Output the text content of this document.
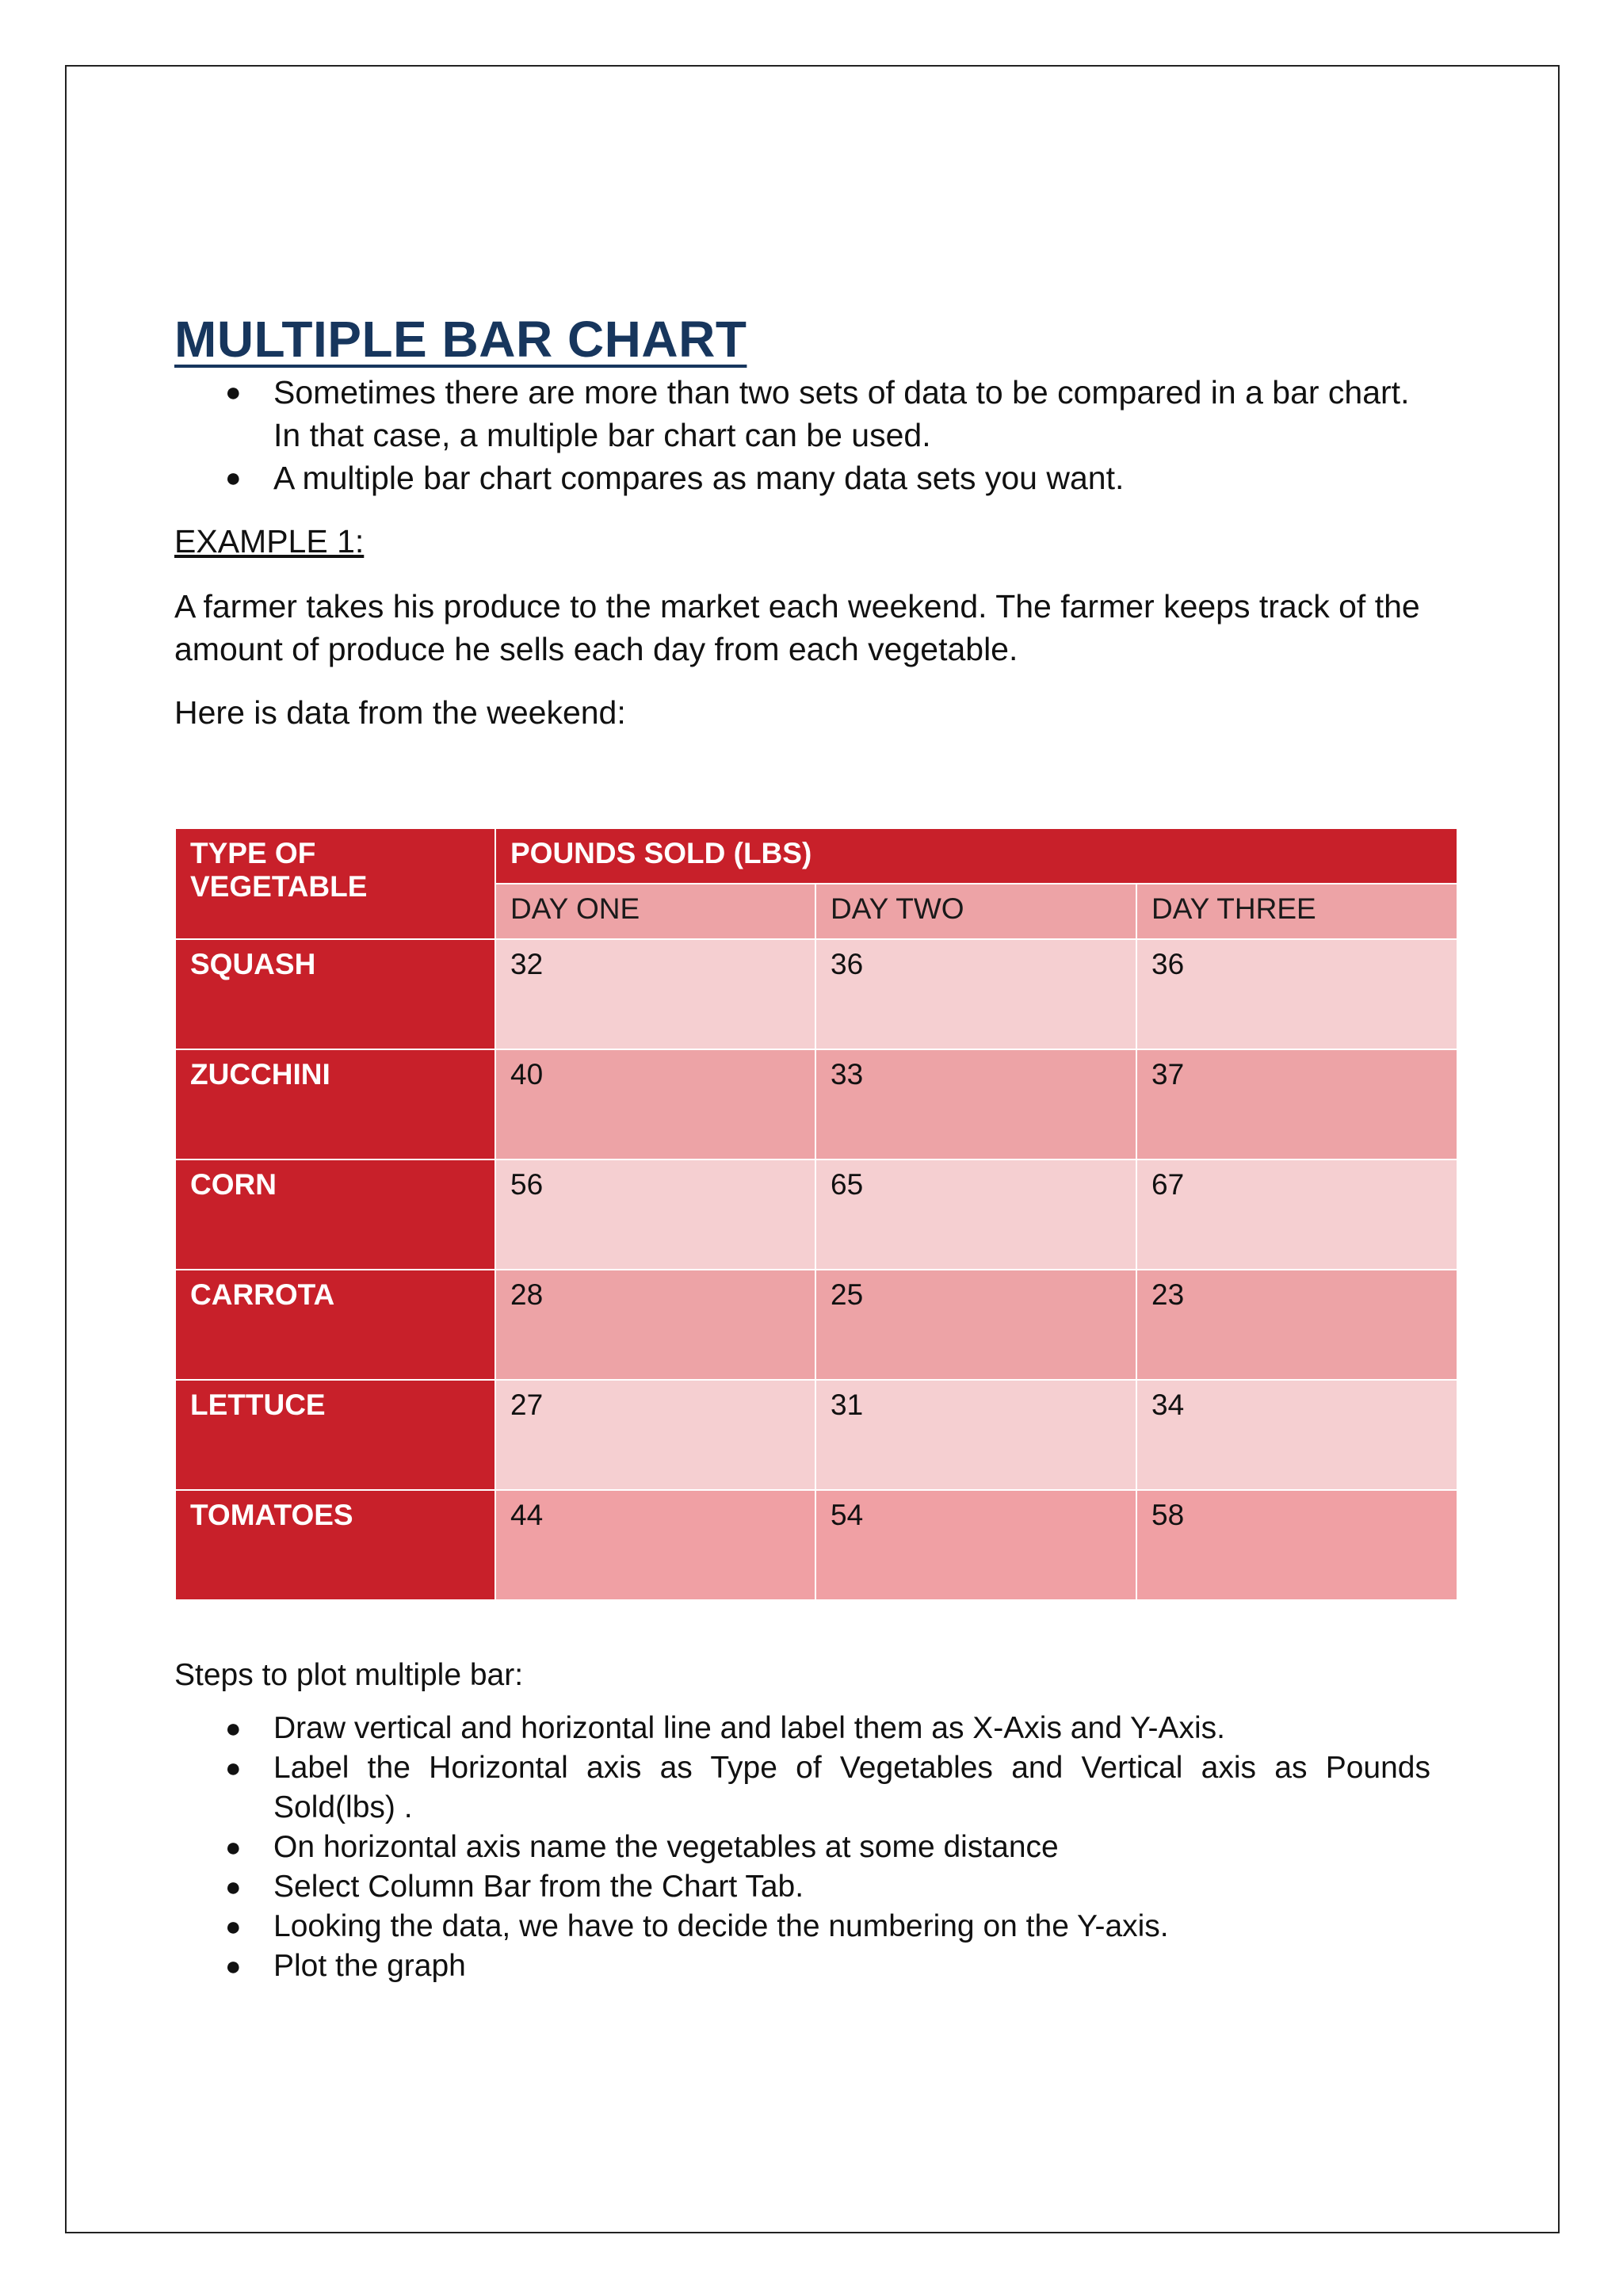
MULTIPLE BAR CHART
● Sometimes there are more than two sets of data to be compared in a bar chart. In that case, a multiple bar chart can be used.
● A multiple bar chart compares as many data sets you want.
EXAMPLE 1:
A farmer takes his produce to the market each weekend. The farmer keeps track of the amount of produce he sells each day from each vegetable.
Here is data from the weekend:
TYPE OF VEGETABLE	POUNDS SOLD (LBS)		
	DAY ONE	DAY TWO	DAY THREE
SQUASH	32	36	36
ZUCCHINI	40	33	37
CORN	56	65	67
CARROTA	28	25	23
LETTUCE	27	31	34
TOMATOES	44	54	58
Steps to plot multiple bar:
● Draw vertical and horizontal line and label them as X-Axis and Y-Axis.
● Label the Horizontal axis as Type of Vegetables and Vertical axis as Pounds Sold(lbs) .
● On horizontal axis name the vegetables at some distance
● Select Column Bar from the Chart Tab.
● Looking the data, we have to decide the numbering on the Y-axis.
● Plot the graph
